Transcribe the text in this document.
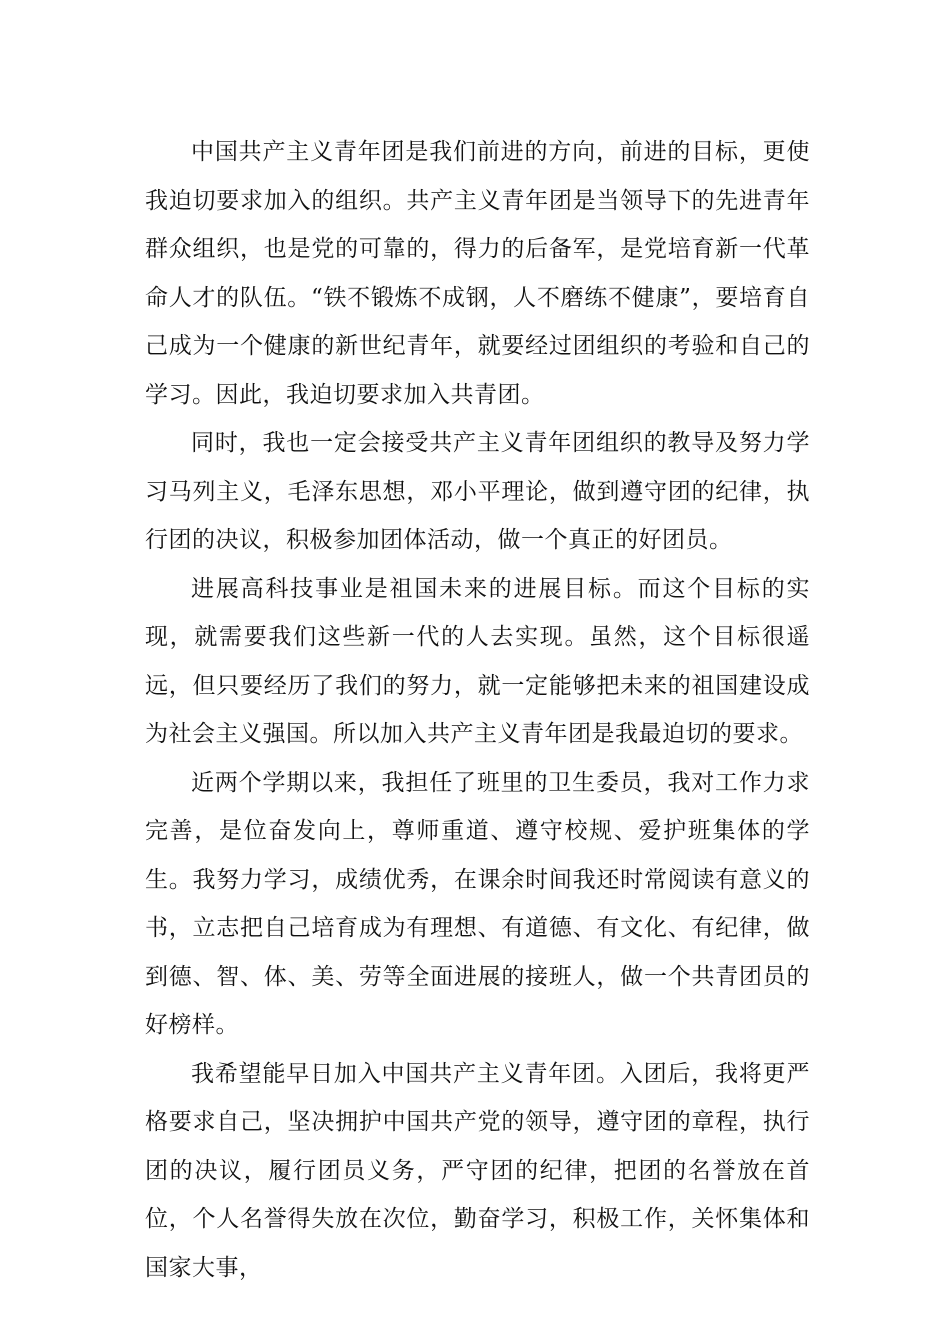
中国共产主义青年团是我们前进的方向，前进的目标，更使我迫切要求加入的组织。共产主义青年团是当领导下的先进青年群众组织，也是党的可靠的，得力的后备军，是党培育新一代革命人才的队伍。“铁不锻炼不成钢，人不磨练不健康”，要培育自己成为一个健康的新世纪青年，就要经过团组织的考验和自己的学习。因此，我迫切要求加入共青团。

同时，我也一定会接受共产主义青年团组织的教导及努力学习马列主义，毛泽东思想，邓小平理论，做到遵守团的纪律，执行团的决议，积极参加团体活动，做一个真正的好团员。

进展高科技事业是祖国未来的进展目标。而这个目标的实现，就需要我们这些新一代的人去实现。虽然，这个目标很遥远，但只要经历了我们的努力，就一定能够把未来的祖国建设成为社会主义强国。所以加入共产主义青年团是我最迫切的要求。

近两个学期以来，我担任了班里的卫生委员，我对工作力求完善，是位奋发向上，尊师重道、遵守校规、爱护班集体的学生。我努力学习，成绩优秀，在课余时间我还时常阅读有意义的书，立志把自己培育成为有理想、有道德、有文化、有纪律，做到德、智、体、美、劳等全面进展的接班人，做一个共青团员的好榜样。

我希望能早日加入中国共产主义青年团。入团后，我将更严格要求自己，坚决拥护中国共产党的领导，遵守团的章程，执行团的决议，履行团员义务，严守团的纪律，把团的名誉放在首位，个人名誉得失放在次位，勤奋学习，积极工作，关怀集体和国家大事，
